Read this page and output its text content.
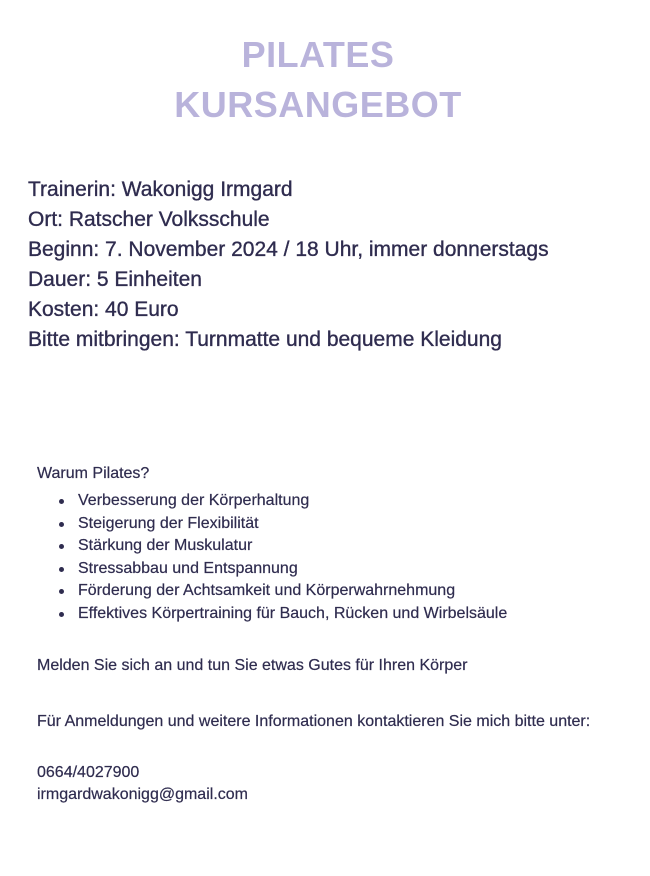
PILATES
KURSANGEBOT
Trainerin: Wakonigg Irmgard
Ort: Ratscher Volksschule
Beginn: 7. November 2024 / 18 Uhr, immer donnerstags
Dauer: 5 Einheiten
Kosten: 40 Euro
Bitte mitbringen: Turnmatte und bequeme Kleidung
Warum Pilates?
Verbesserung der Körperhaltung
Steigerung der Flexibilität
Stärkung der Muskulatur
Stressabbau und Entspannung
Förderung der Achtsamkeit und Körperwahrnehmung
Effektives Körpertraining für Bauch, Rücken und Wirbelsäule
Melden Sie sich an und tun Sie etwas Gutes für Ihren Körper
Für Anmeldungen und weitere Informationen kontaktieren Sie mich bitte unter:
0664/4027900
irmgardwakonigg@gmail.com
